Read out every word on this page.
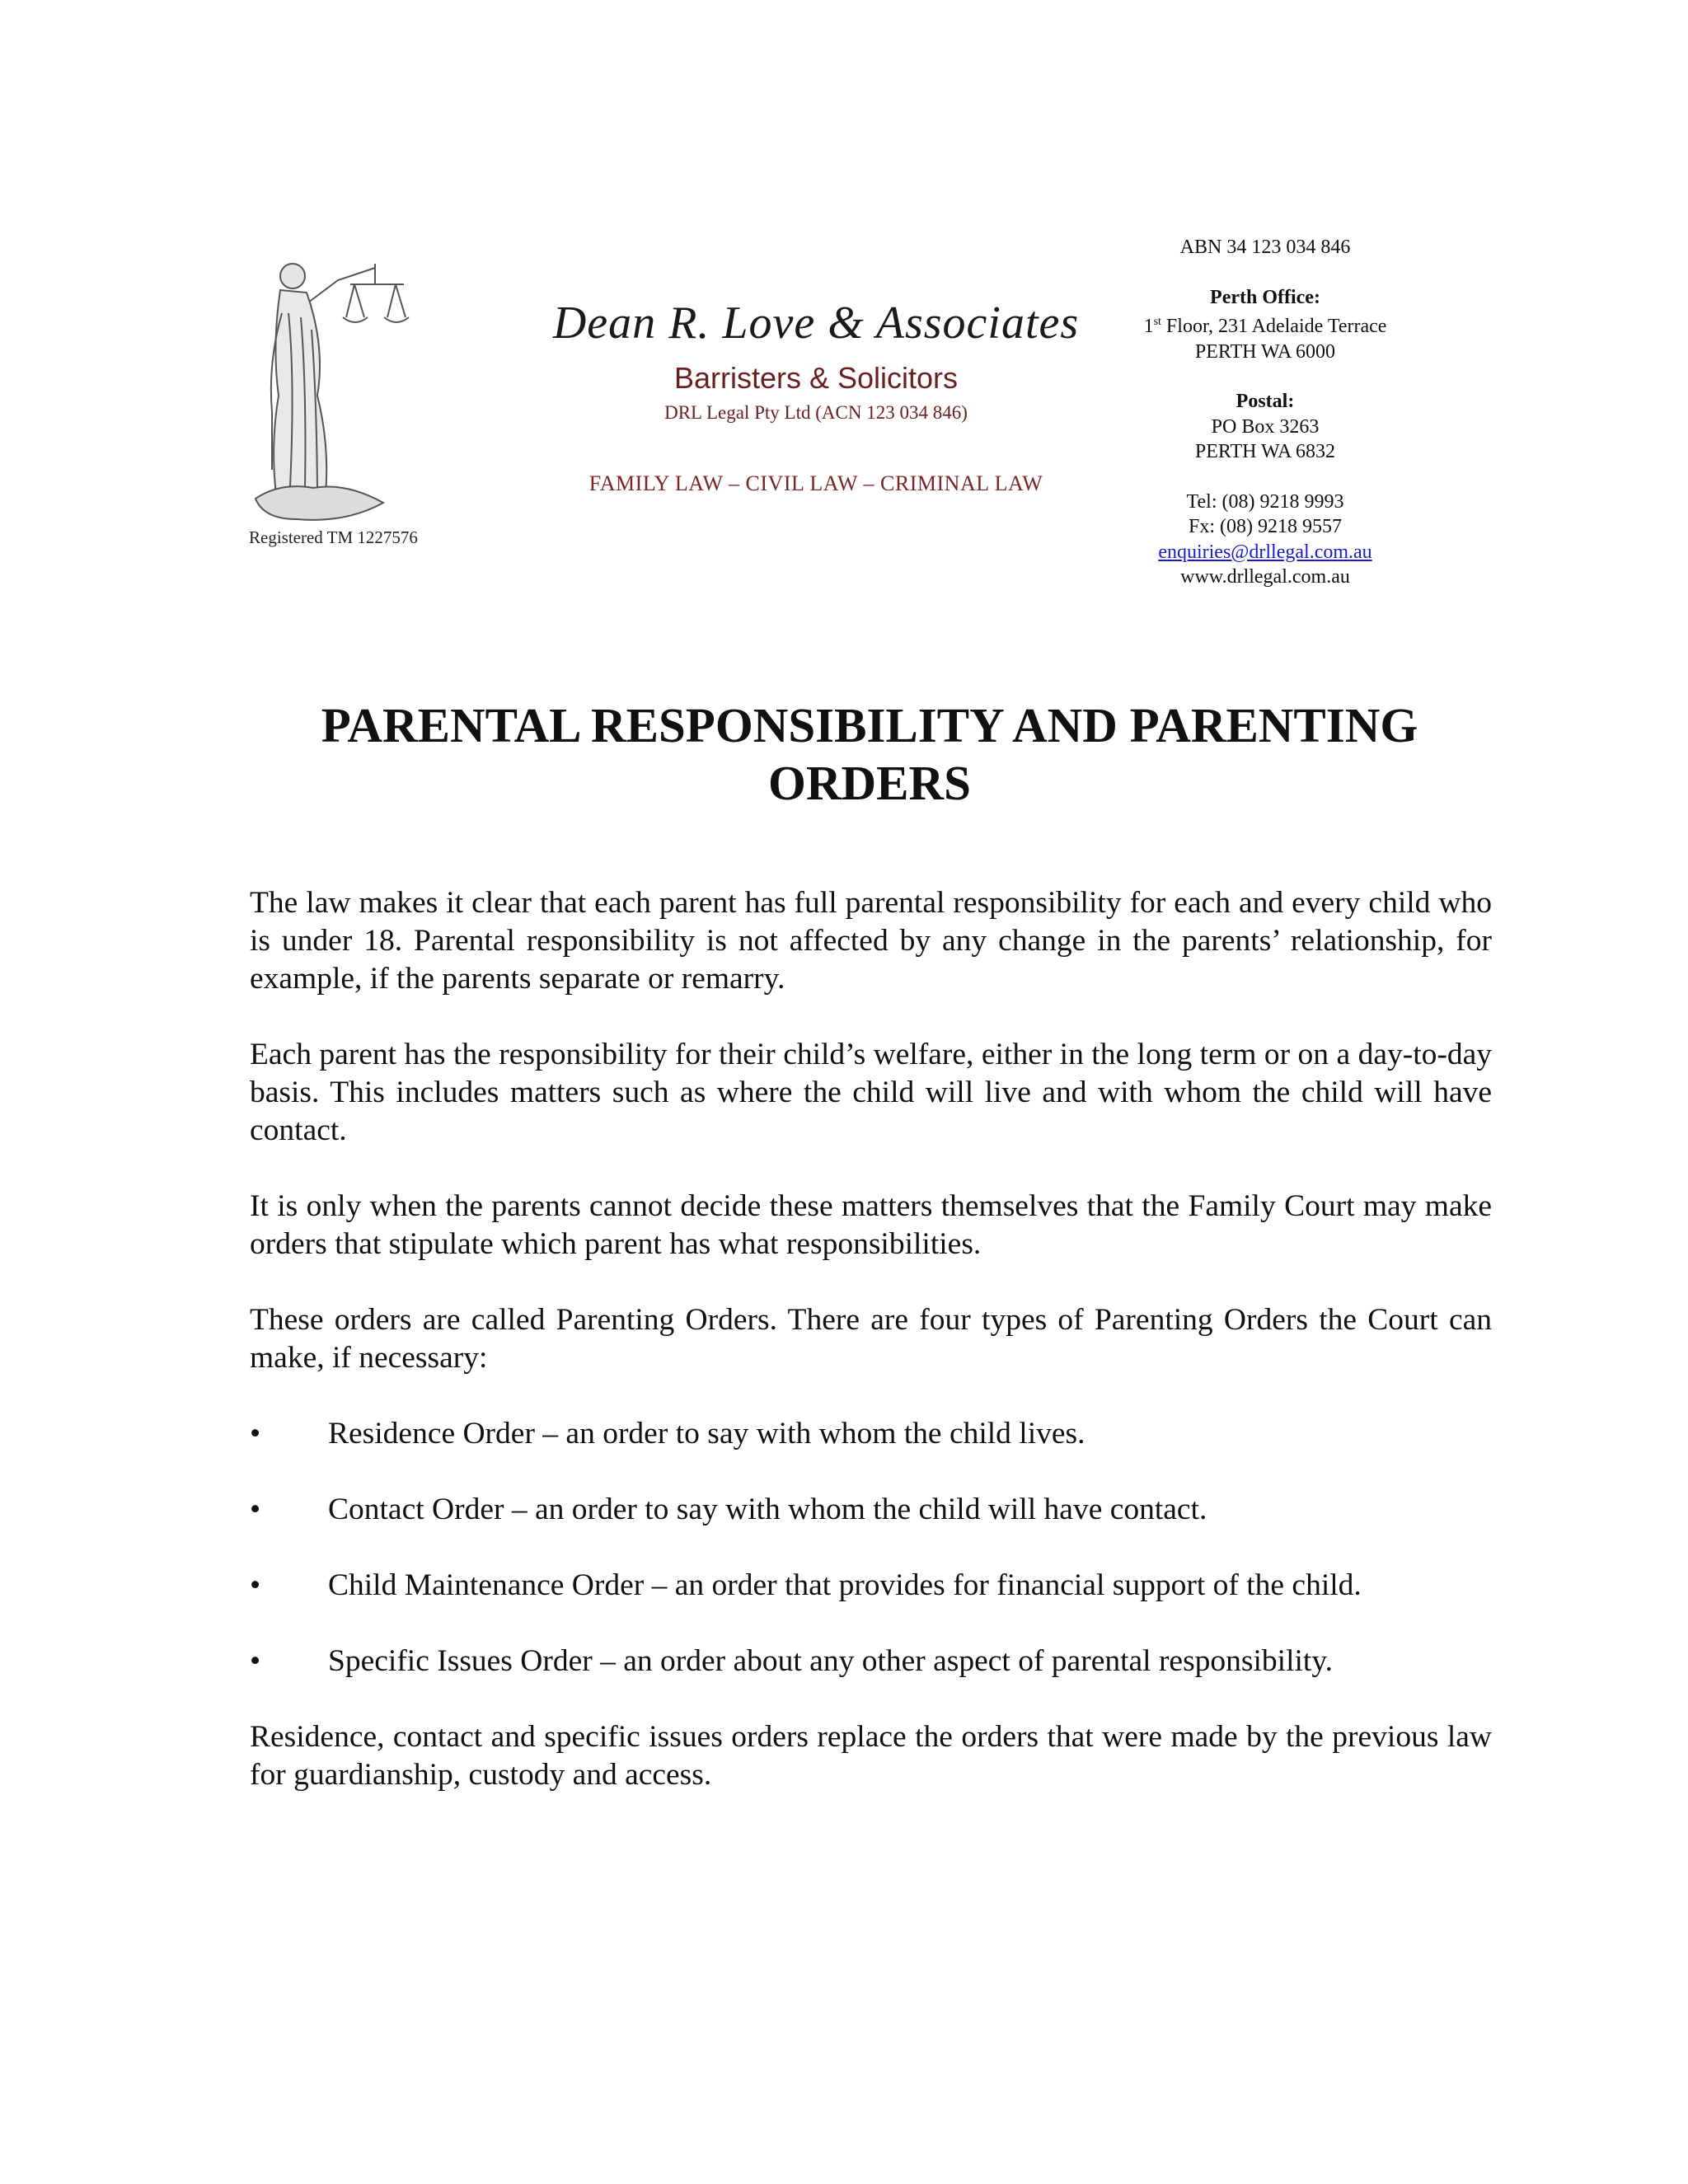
Registered TM 1227576
Dean R. Love & Associates
Barristers & Solicitors
DRL Legal Pty Ltd (ACN 123 034 846)
FAMILY LAW – CIVIL LAW – CRIMINAL LAW
ABN 34 123 034 846
Perth Office:
1st Floor, 231 Adelaide Terrace
PERTH WA 6000
Postal:
PO Box 3263
PERTH WA 6832
Tel: (08) 9218 9993
Fx: (08) 9218 9557
enquiries@drllegal.com.au
www.drllegal.com.au
PARENTAL RESPONSIBILITY AND PARENTING
ORDERS

The law makes it clear that each parent has full parental responsibility for each and every child who is under 18. Parental responsibility is not affected by any change in the parents’ relationship, for example, if the parents separate or remarry.

Each parent has the responsibility for their child’s welfare, either in the long term or on a day-to-day basis. This includes matters such as where the child will live and with whom the child will have contact.

It is only when the parents cannot decide these matters themselves that the Family Court may make orders that stipulate which parent has what responsibilities.

These orders are called Parenting Orders. There are four types of Parenting Orders the Court can make, if necessary:

• Residence Order – an order to say with whom the child lives.
• Contact Order – an order to say with whom the child will have contact.
• Child Maintenance Order – an order that provides for financial support of the child.
• Specific Issues Order – an order about any other aspect of parental responsibility.

Residence, contact and specific issues orders replace the orders that were made by the previous law for guardianship, custody and access.
